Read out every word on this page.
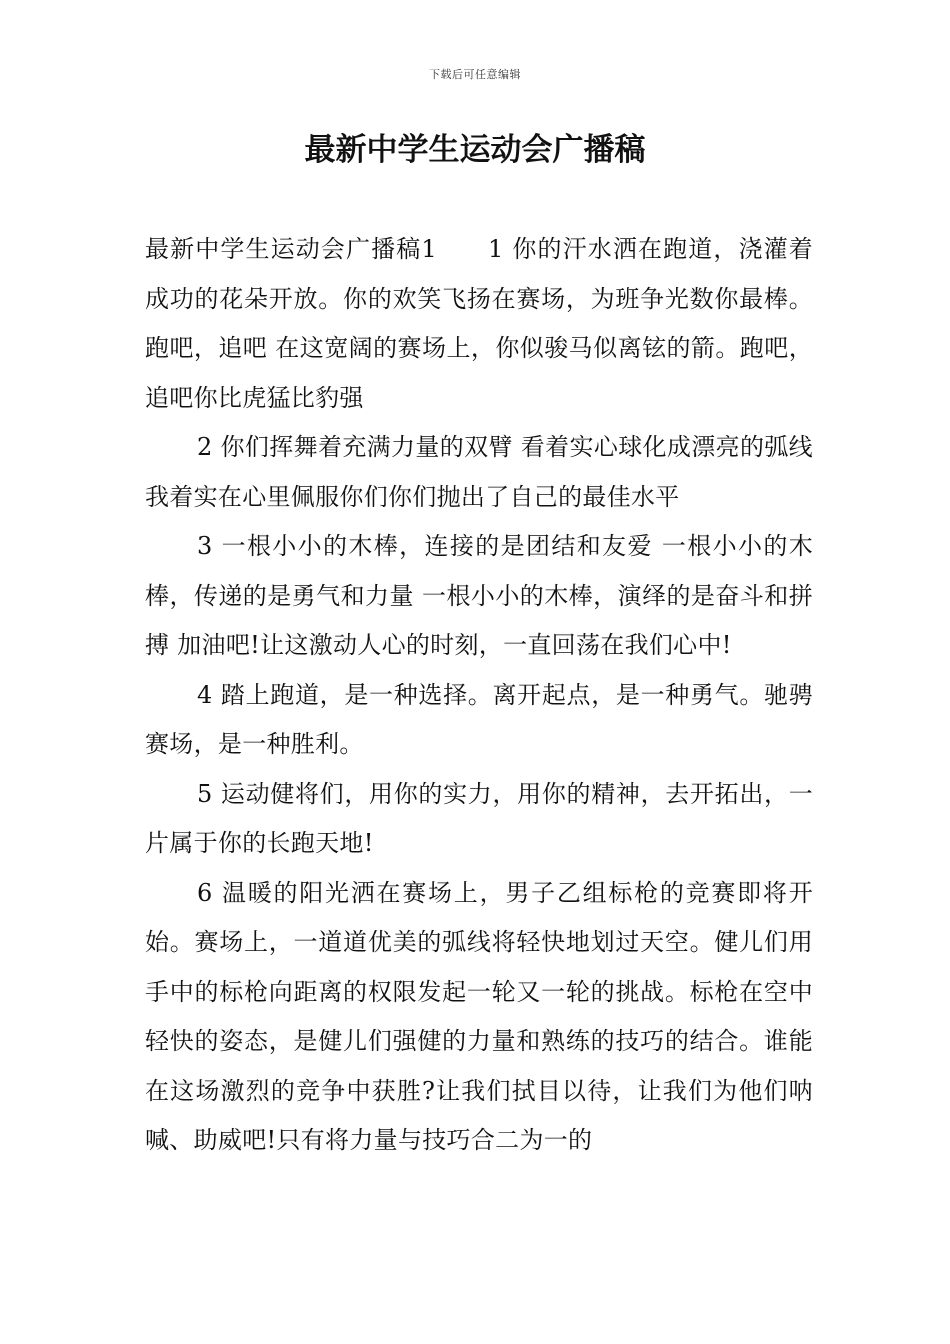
下载后可任意编辑
最新中学生运动会广播稿

最新中学生运动会广播稿1　　1 你的汗水洒在跑道，浇灌着成功的花朵开放。你的欢笑飞扬在赛场，为班争光数你最棒。跑吧，追吧 在这宽阔的赛场上，你似骏马似离铉的箭。跑吧，追吧你比虎猛比豹强

2 你们挥舞着充满力量的双臂 看着实心球化成漂亮的弧线 我着实在心里佩服你们你们抛出了自己的最佳水平

3 一根小小的木棒，连接的是团结和友爱 一根小小的木棒，传递的是勇气和力量 一根小小的木棒，演绎的是奋斗和拼搏 加油吧!让这激动人心的时刻，一直回荡在我们心中!

4 踏上跑道，是一种选择。离开起点，是一种勇气。驰骋赛场，是一种胜利。

5 运动健将们，用你的实力，用你的精神，去开拓出，一片属于你的长跑天地!

6 温暖的阳光洒在赛场上，男子乙组标枪的竞赛即将开始。赛场上，一道道优美的弧线将轻快地划过天空。健儿们用手中的标枪向距离的权限发起一轮又一轮的挑战。标枪在空中轻快的姿态，是健儿们强健的力量和熟练的技巧的结合。谁能在这场激烈的竞争中获胜?让我们拭目以待，让我们为他们呐喊、助威吧!只有将力量与技巧合二为一的
